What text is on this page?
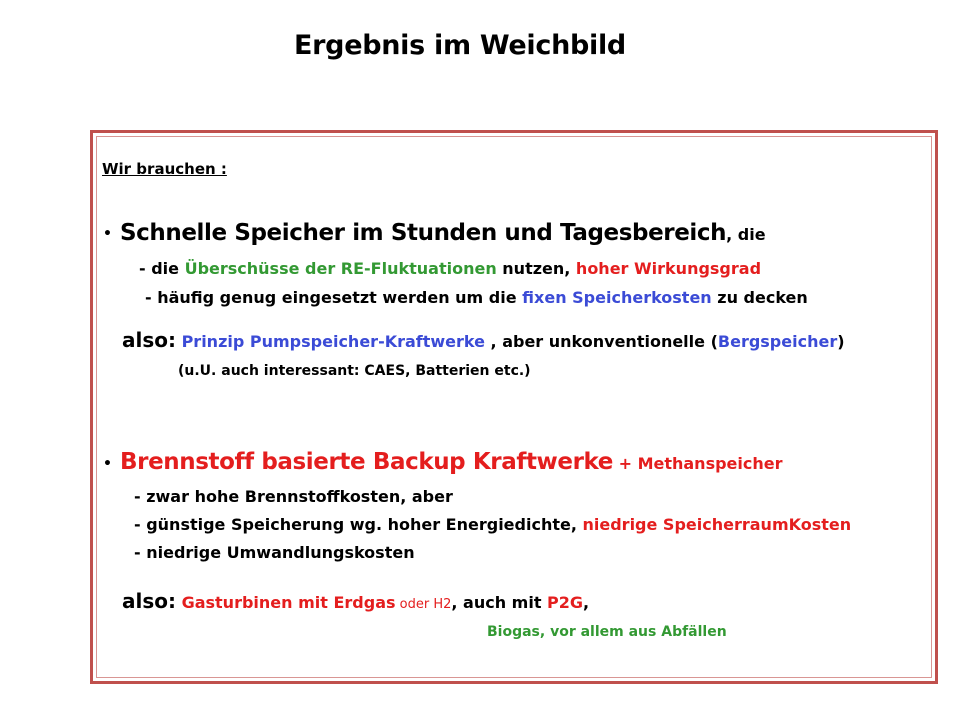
Ergebnis im Weichbild
Wir brauchen :
• Schnelle Speicher im Stunden und Tagesbereich, die
- die Überschüsse der RE-Fluktuationen nutzen, hoher Wirkungsgrad
- häufig genug eingesetzt werden um die fixen Speicherkosten zu decken
also: Prinzip Pumpspeicher-Kraftwerke , aber unkonventionelle (Bergspeicher)
(u.U. auch interessant: CAES, Batterien etc.)
• Brennstoff basierte Backup Kraftwerke + Methanspeicher
- zwar hohe Brennstoffkosten, aber
- günstige Speicherung wg. hoher Energiedichte, niedrige SpeicherraumKosten
- niedrige Umwandlungskosten
also: Gasturbinen mit Erdgas oder H2, auch mit P2G,
Biogas, vor allem aus Abfällen
